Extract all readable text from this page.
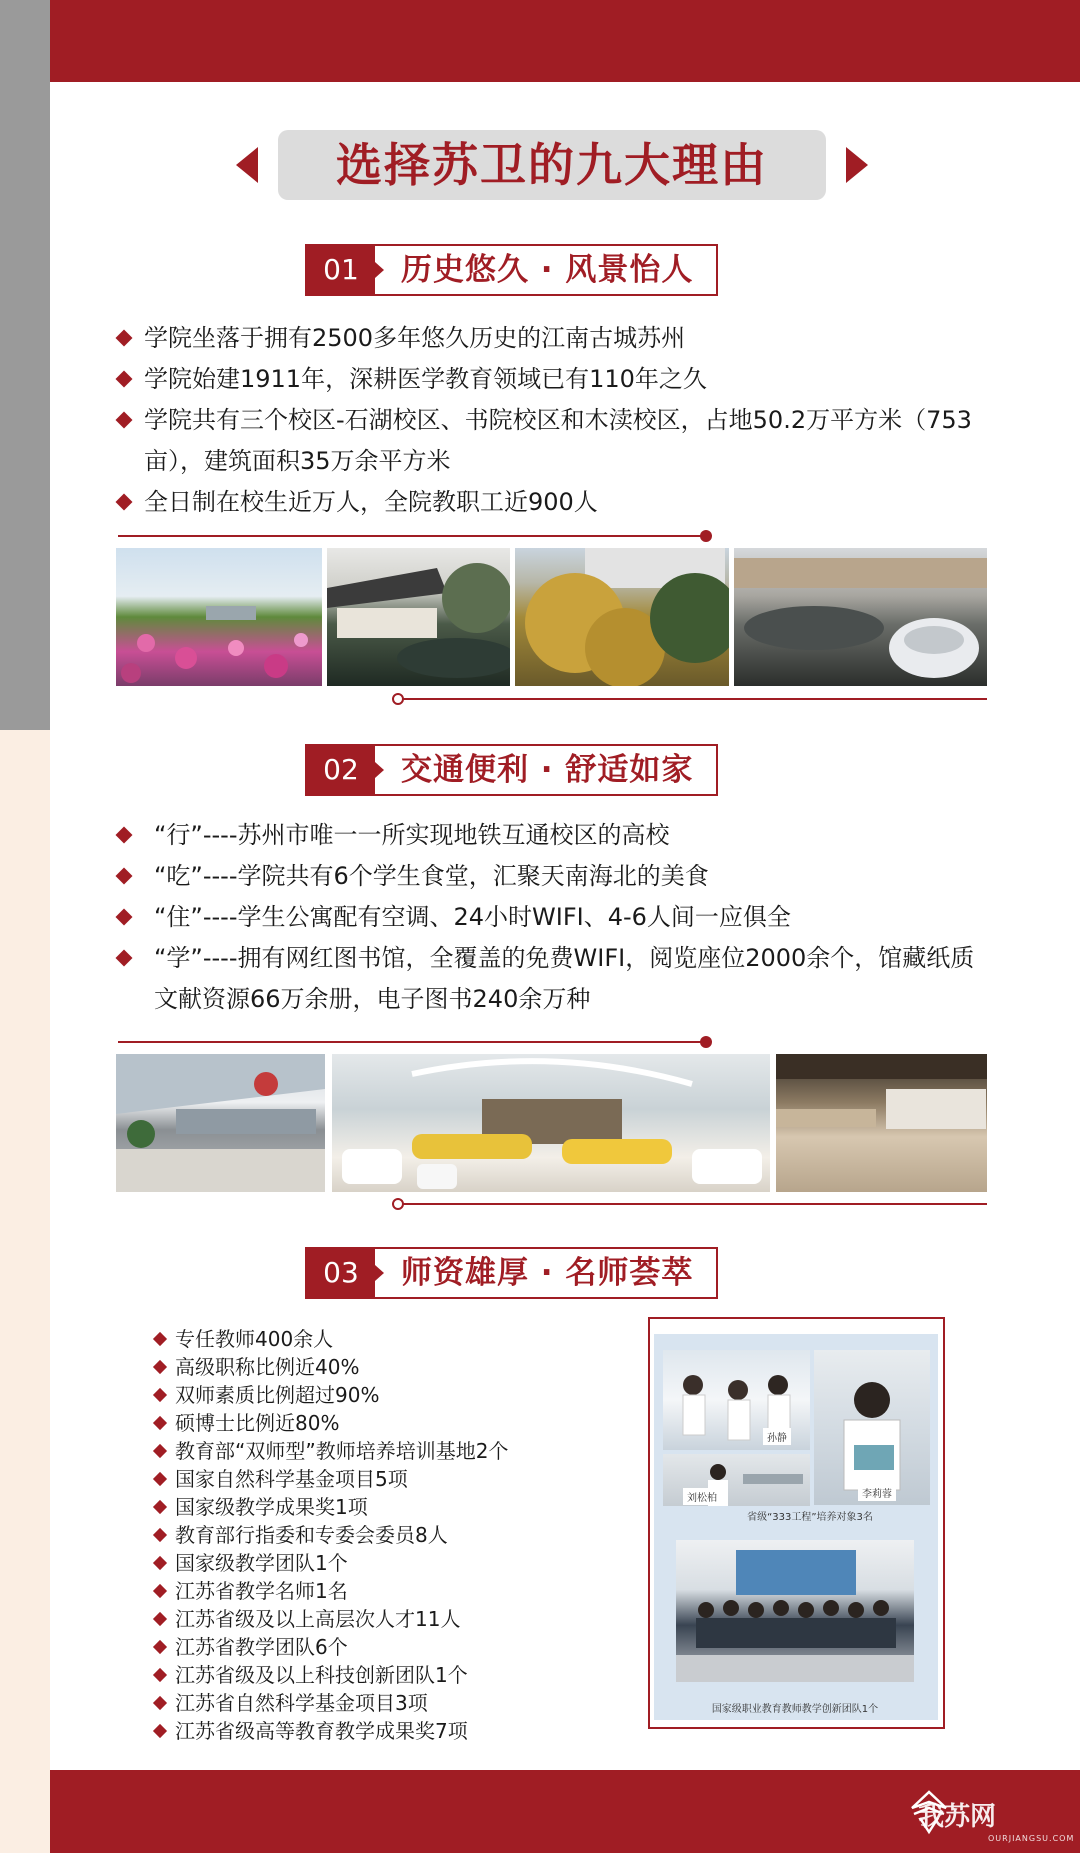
选择苏卫的九大理由
01	历史悠久 · 风景怡人
学院坐落于拥有2500多年悠久历史的江南古城苏州
学院始建1911年，深耕医学教育领域已有110年之久
学院共有三个校区-石湖校区、书院校区和木渎校区，占地50.2万平方米（753亩），建筑面积35万余平方米
全日制在校生近万人，全院教职工近900人
02	交通便利 · 舒适如家
“行”----苏州市唯一一所实现地铁互通校区的高校
“吃”----学院共有6个学生食堂，汇聚天南海北的美食
“住”----学生公寓配有空调、24小时WIFI、4-6人间一应俱全
“学”----拥有网红图书馆，全覆盖的免费WIFI，阅览座位2000余个，馆藏纸质文献资源66万余册，电子图书240余万种
03	师资雄厚 · 名师荟萃
专任教师400余人
高级职称比例近40%
双师素质比例超过90%
硕博士比例近80%
教育部“双师型”教师培养培训基地2个
国家自然科学基金项目5项
国家级教学成果奖1项
教育部行指委和专委会委员8人
国家级教学团队1个
江苏省教学名师1名
江苏省级及以上高层次人才11人
江苏省教学团队6个
江苏省级及以上科技创新团队1个
江苏省自然科学基金项目3项
江苏省级高等教育教学成果奖7项
孙静
李莉蓉
刘松柏
省级“333工程”培养对象3名
国家级职业教育教师教学创新团队1个
我苏网
OURJIANGSU.COM
